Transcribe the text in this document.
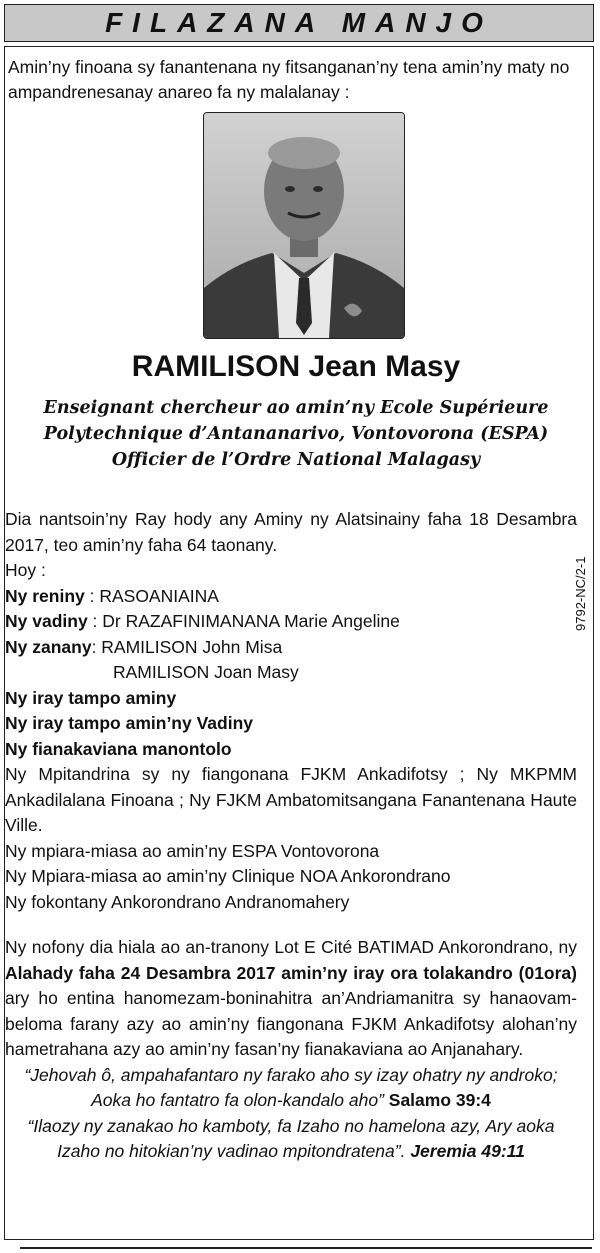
FILAZANA MANJO

Amin’ny finoana sy fanantenana ny fitsanganan’ny tena amin’ny maty no ampandrenesanay anareo fa ny malalanay :

RAMILISON Jean Masy
Enseignant chercheur ao amin’ny Ecole Supérieure
Polytechnique d’Antananarivo, Vontovorona (ESPA)
Officier de l’Ordre National Malagasy

Dia nantsoin’ny Ray hody any Aminy ny Alatsinainy faha 18 Desambra 2017, teo amin’ny faha 64 taonany.

Hoy :

Ny reniny : RASOANIAINA

Ny vadiny : Dr RAZAFINIMANANA Marie Angeline

Ny zanany: RAMILISON John Misa

RAMILISON Joan Masy

Ny iray tampo aminy

Ny iray tampo amin’ny Vadiny

Ny fianakaviana manontolo

Ny Mpitandrina sy ny fiangonana FJKM Ankadifotsy ; Ny MKPMM Ankadilalana Finoana ; Ny FJKM Ambatomitsangana Fanantenana Haute Ville.

Ny mpiara-miasa ao amin’ny ESPA Vontovorona

Ny Mpiara-miasa ao amin’ny Clinique NOA Ankorondrano

Ny fokontany Ankorondrano Andranomahery

Ny nofony dia hiala ao an-tranony Lot E Cité BATIMAD Ankorondrano, ny Alahady faha 24 Desambra 2017 amin’ny iray ora tolakandro (01ora) ary ho entina hanomezam-boninahitra an’Andriamanitra sy hanaovam-beloma farany azy ao amin’ny fiangonana FJKM Ankadifotsy alohan’ny hametrahana azy ao amin’ny fasan’ny fianakaviana ao Anjanahary.

“Jehovah ô, ampahafantaro ny farako aho sy izay ohatry ny androko;

Aoka ho fantatro fa olon-kandalo aho” Salamo 39:4

“Ilaozy ny zanakao ho kamboty, fa Izaho no hamelona azy, Ary aoka

Izaho no hitokian’ny vadinao mpitondratena”. Jeremia 49:11

9792-NC/2-1
